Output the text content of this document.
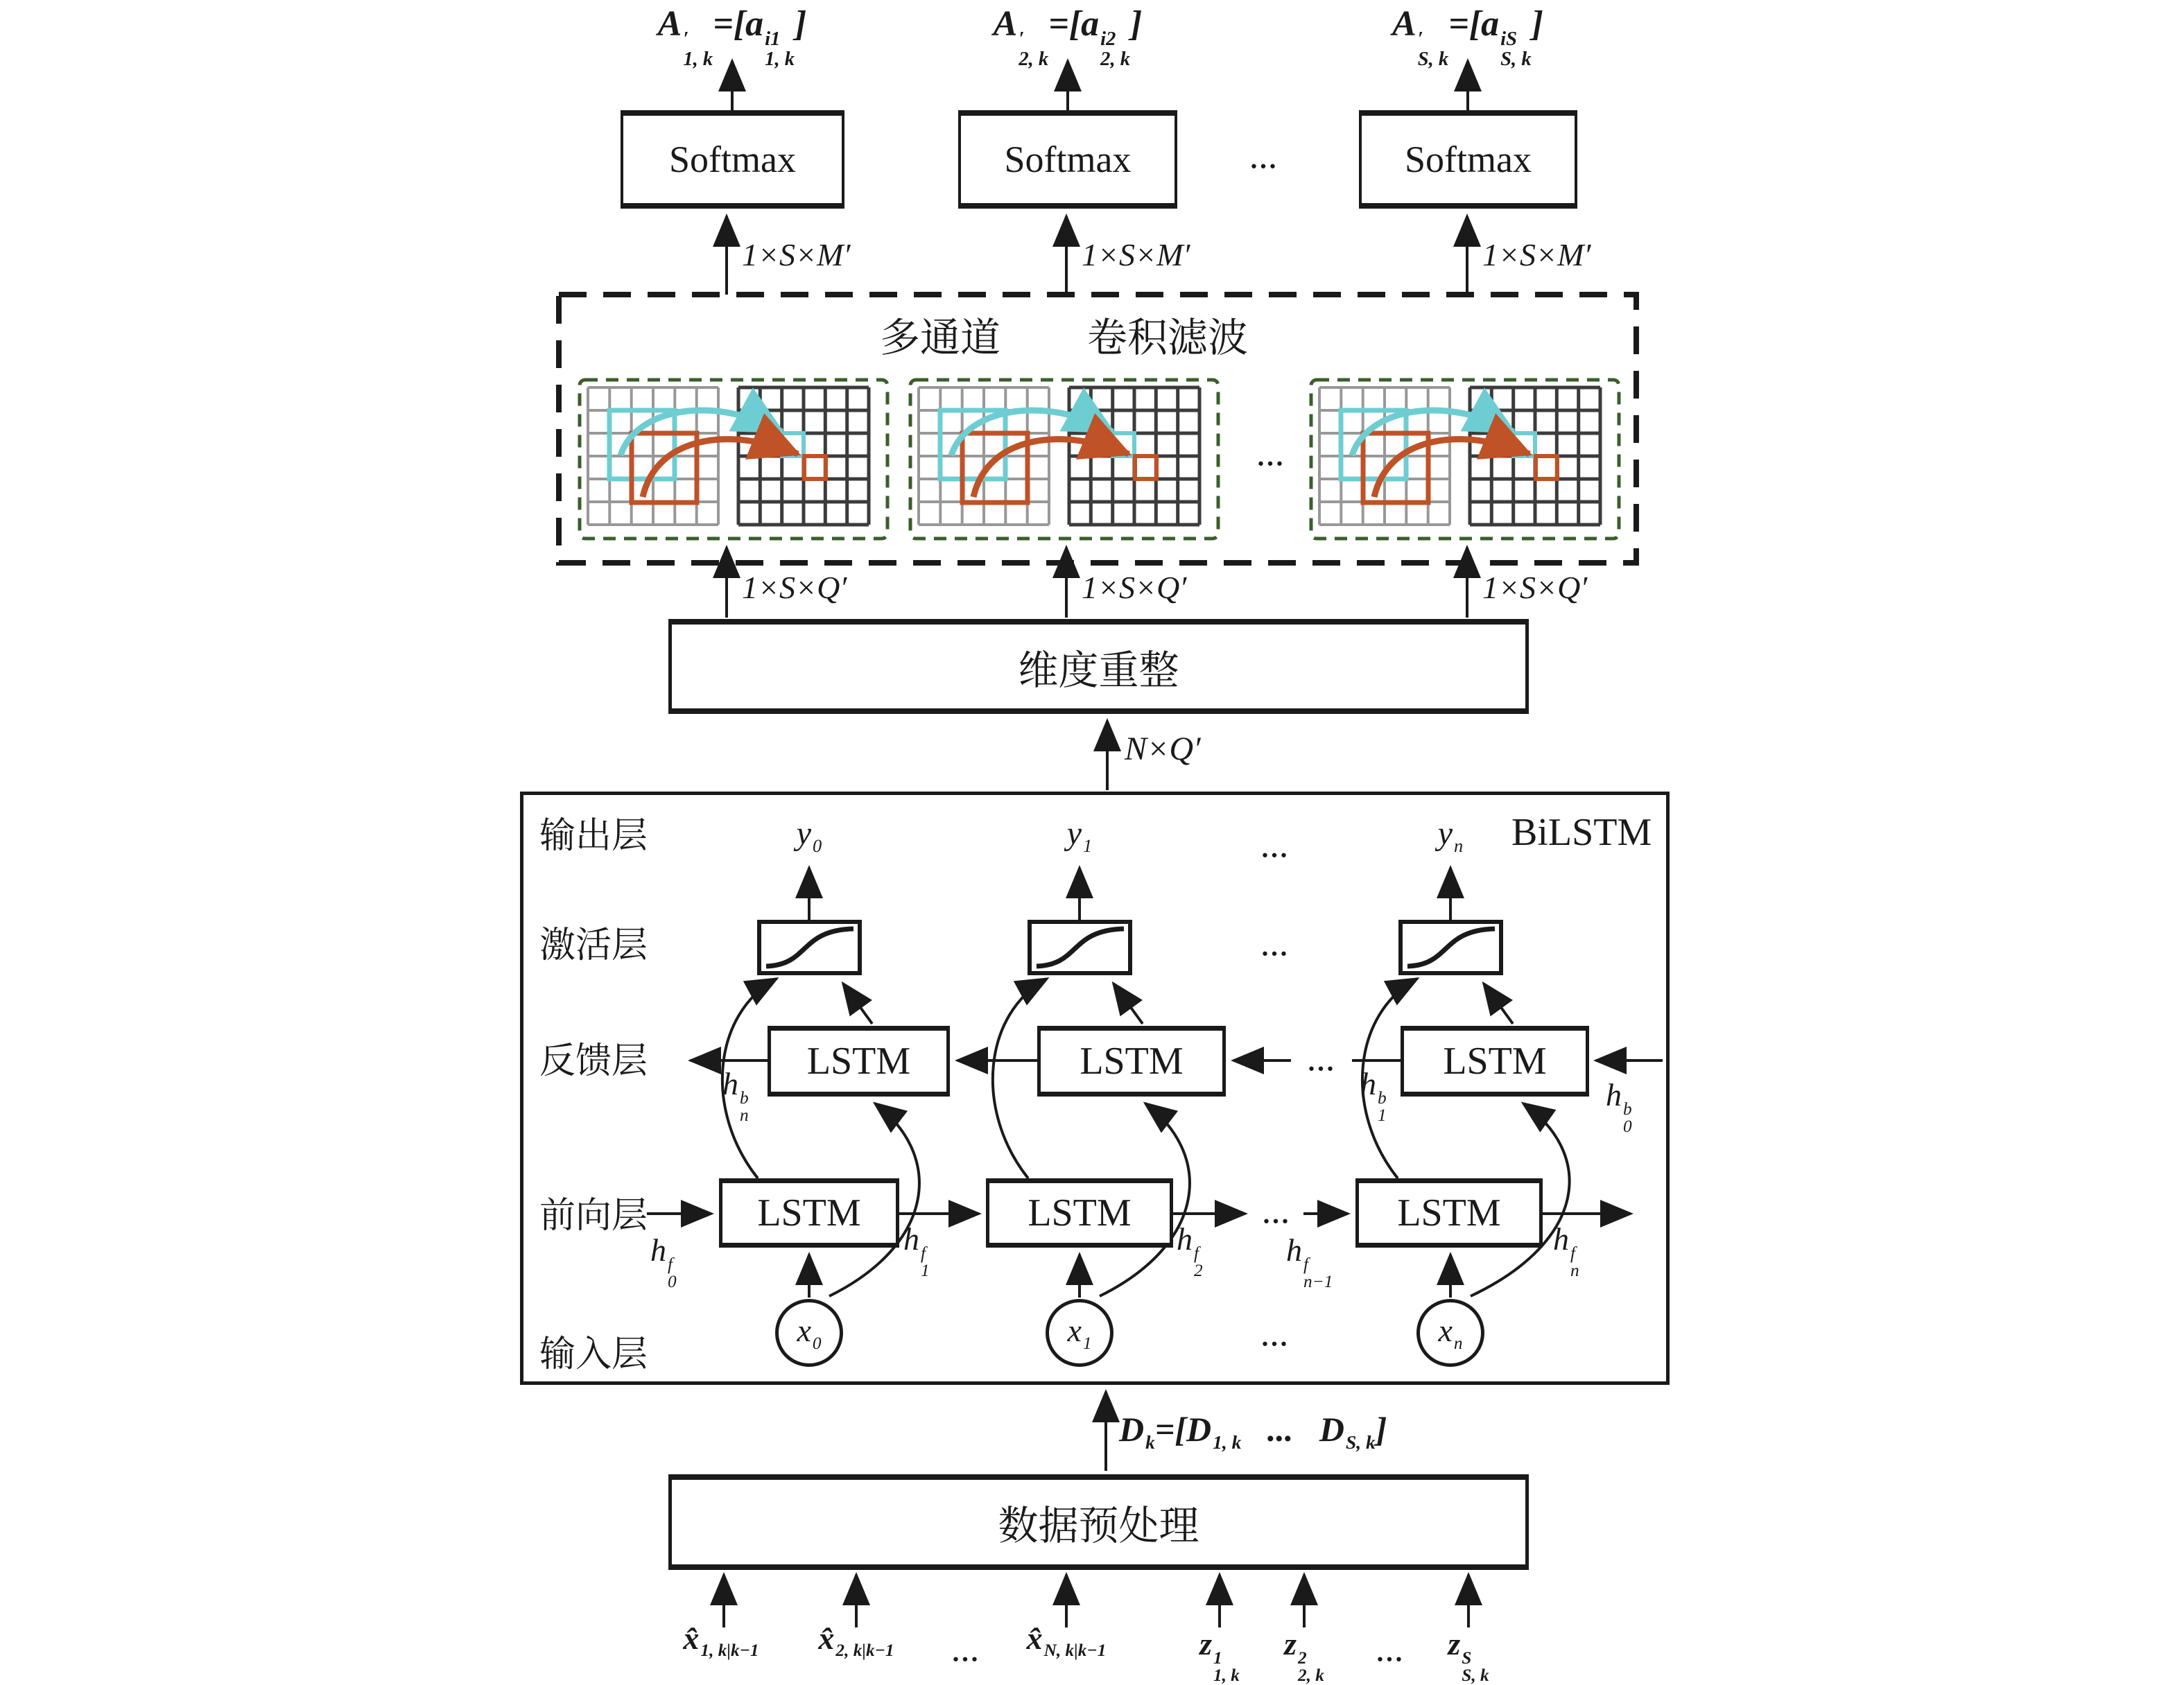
A ′
1, k
=[a i1
1, k
]	A ′
2, k
=[a i2
2, k
]	A ′
S, k
=[a iS
S, k
]
Softmax	Softmax	Softmax
...
1×S×M′	1×S×M′	1×S×M′
多通道 卷积滤波
...
1×S×Q′	1×S×Q′	1×S×Q′
维度重整
N×Q′
BiLSTM
输出层
激活层
反馈层
前向层
输入层
$y_0$	$y_1$	$y_n$
...
...
LSTM	LSTM	LSTM
...
h b
n
h b
1
h b
0
LSTM	LSTM	LSTM
...
h f
0
h f
1
h f
2
h f
n−1
h f
n
$x_0$	$x_1$	$x_n$
...
$D_k=[D_{1, k}$   ...   $D_{S, k}$]
数据预处理
$x̂_{1, k|k-1}$ $x̂_{2, k|k-1}$ ... $x̂_{N, k|k-1}$	z 1
1, k
z 2
2, k
... z S
S, k
